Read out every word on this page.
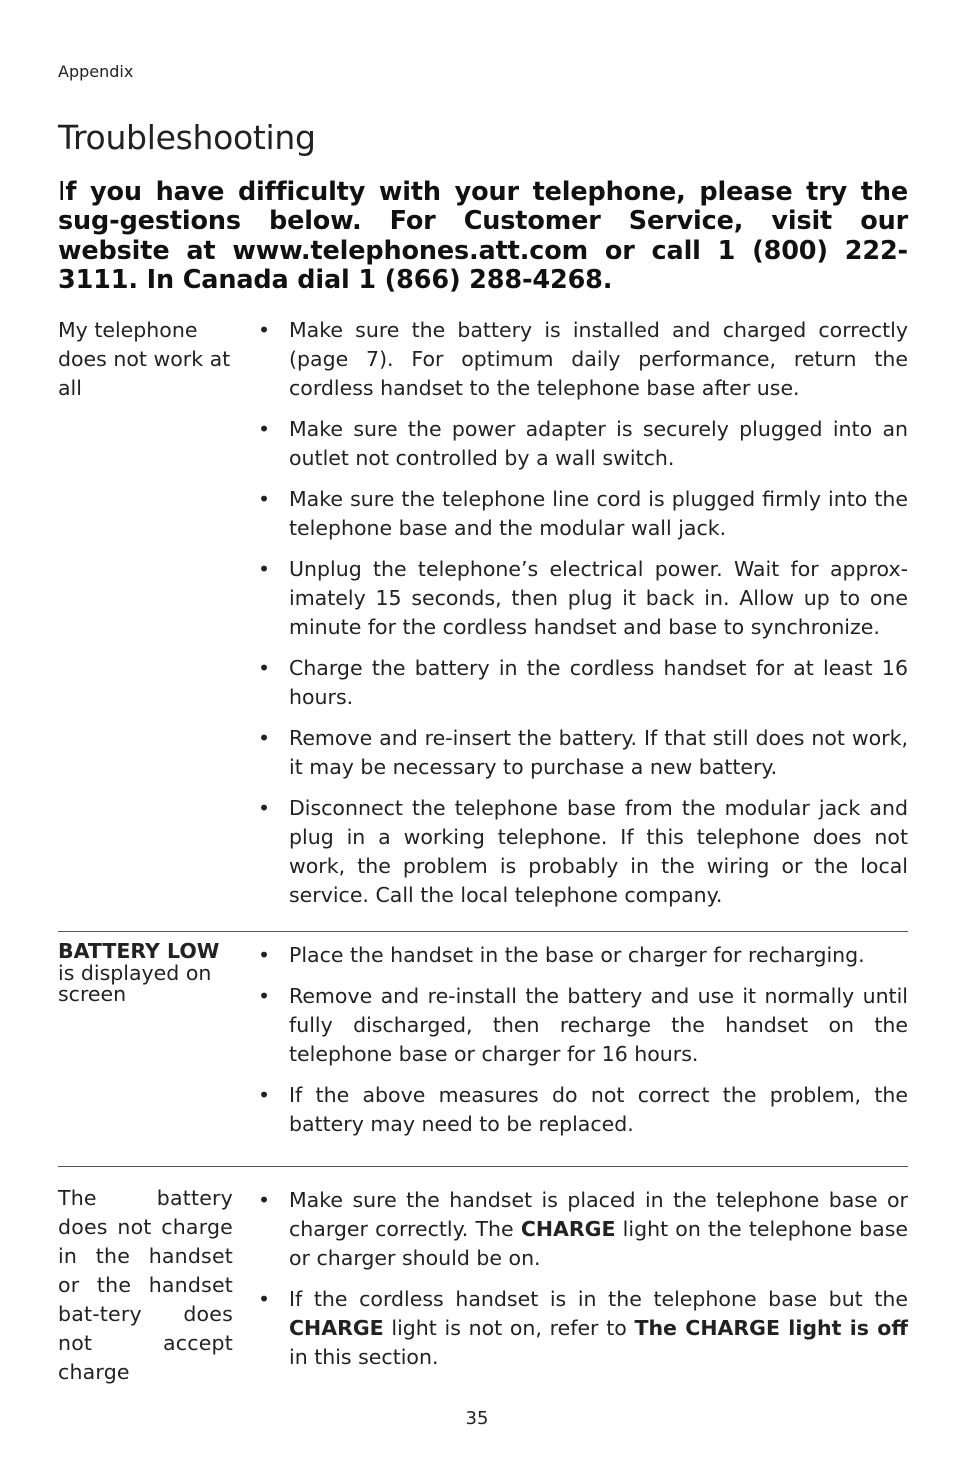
Appendix
Troubleshooting

If you have difficulty with your telephone, please try the sug-gestions below. For Customer Service, visit our website at www.telephones.att.com or call 1 (800) 222-3111. In Canada dial 1 (866) 288-4268.

My telephone does not work at all

• Make sure the battery is installed and charged correctly (page 7). For optimum daily performance, return the cordless handset to the telephone base after use.
• Make sure the power adapter is securely plugged into an outlet not controlled by a wall switch.
• Make sure the telephone line cord is plugged firmly into the telephone base and the modular wall jack.
• Unplug the telephone’s electrical power. Wait for approx-imately 15 seconds, then plug it back in. Allow up to one minute for the cordless handset and base to synchronize.
• Charge the battery in the cordless handset for at least 16 hours.
• Remove and re-insert the battery. If that still does not work, it may be necessary to purchase a new battery.
• Disconnect the telephone base from the modular jack and plug in a working telephone. If this telephone does not work, the problem is probably in the wiring or the local service. Call the local telephone company.

BATTERY LOW
is displayed on screen

• Place the handset in the base or charger for recharging.
• Remove and re-install the battery and use it normally until fully discharged, then recharge the handset on the telephone base or charger for 16 hours.
• If the above measures do not correct the problem, the battery may need to be replaced.

The battery does not charge in the handset or the handset bat-tery does not accept charge

• Make sure the handset is placed in the telephone base or charger correctly. The CHARGE light on the telephone base or charger should be on.
• If the cordless handset is in the telephone base but the CHARGE light is not on, refer to The CHARGE light is off in this section.
35
